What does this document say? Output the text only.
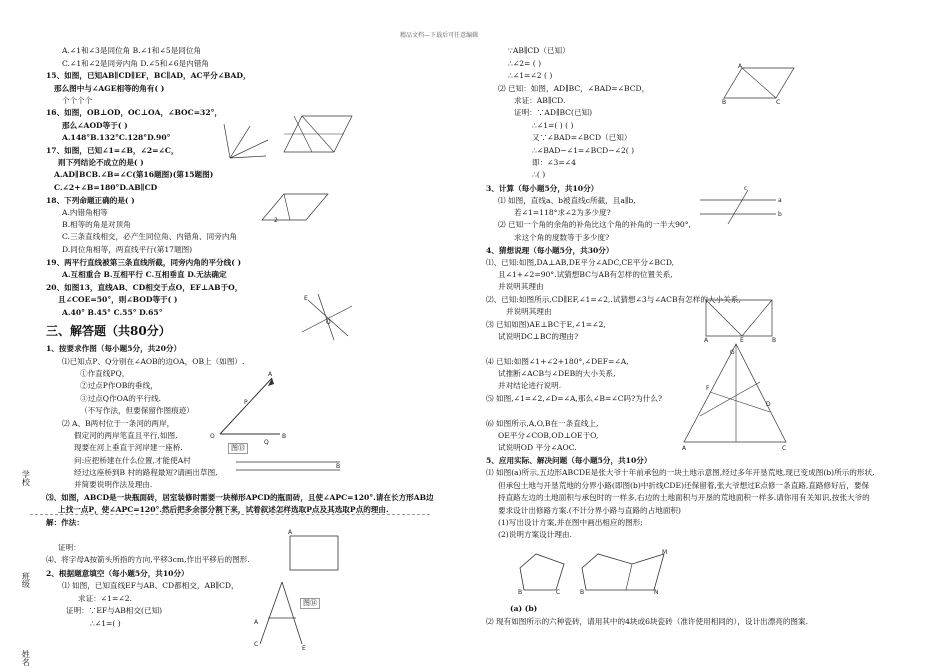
精品文档---下载后可任意编辑
学校
班级
姓名
A.∠1和∠3是同位角 B.∠1和∠5是同位角
C.∠1和∠2是同旁内角 D.∠5和∠6是内错角
15、如图，已知AB∥CD∥EF，BC∥AD，AC平分∠BAD，
那么图中与∠AGE相等的角有( )
个个个个
16、如图，OB⊥OD，OC⊥OA，∠BOC=32°，
那么∠AOD等于( )
A.148°B.132°C.128°D.90°
17、如图，已知∠1=∠B，∠2=∠C，
则下列结论不成立的是( )
A.AD∥BCB.∠B=∠C(第16题图)(第15题图)
C.∠2+∠B=180°D.AB∥CD
18、下列命题正确的是( )
A.内错角相等
B.相等的角是对顶角
C.三条直线相交，必产生同位角、内错角、同旁内角
D.同位角相等，两直线平行(第17题图)
19、两平行直线被第三条直线所截，同旁内角的平分线( )
A.互相重合 B.互相平行 C.互相垂直 D.无法确定
20、如图13，直线AB、CD相交于点O，EF⊥AB于O，
且∠COE=50°，则∠BOD等于( )
A.40° B.45° C.55° D.65°
三、解答题（共80分）
1、按要求作图（每小题5分，共20分）
⑴已知点P、Q分别在∠AOB的边OA，OB上（如图）.
①作直线PQ，
②过点P作OB的垂线，
③过点Q作OA的平行线.
（不写作法，但要保留作图痕迹）
⑵ A、B两村位于一条河的两岸，
假定河的两岸笔直且平行,如图,
现要在河上垂直于河岸建一座桥.
问:应把桥建在什么位置,才能使A村
经过这座桥到B 村的路程最短?请画出草图,
并简要说明作法及理由.
⑶、如图，ABCD是一块瓶面砖，居室装修时需要一块梯形APCD的瓶面砖，且使∠APC=120°.请在长方形AB边
上找一点P，使∠APC=120°.然后把多余部分割下来，试着叙述怎样选取P点及其选取P点的理由.
解：作法：
证明：
⑷、将字母A按箭头所指的方向,平移3cm,作出平移后的图形.
2、根据题意填空（每小题5分，共10分）
⑴ 如图，已知直线EF与AB、CD都相交，AB∥CD，
求证：∠1=∠2.
证明：∵EF与AB相交(已知)
∴∠1=( )
2
E
O
A
P
O
Q
B
图⑬
B
A
A
C
E
图⑭
∵AB∥CD（已知）
∴∠2= ( )
∴∠1=∠2 ( )
⑵ 已知：如图，AD∥BC，∠BAD=∠BCD，
求证：AB∥CD.
证明：∵AD∥BC(已知)
∴∠1=( ) ( )
又∵∠BAD=∠BCD（已知）
∴∠BAD−∠1=∠BCD−∠2( )
即：∠3=∠4
∴( )
3、计算（每小题5分，共10分）
⑴ 如图，直线a、b被直线c所截，且a∥b,
若∠1=118°求∠2为多少度?
⑵ 已知一个角的余角的补角比这个角的补角的一半大90°,
求这个角的度数等于多少度?
4、猜想说理（每小题5分，共30分）
⑴、已知:如图,DA⊥AB,DE平分∠ADC,CE平分∠BCD,
且∠1+∠2=90°.试猜想BC与AB有怎样的位置关系,
并说明其理由
⑵、已知:如图所示,CD∥EF,∠1=∠2,.试猜想∠3与∠ACB有怎样的大小关系,
并说明其理由
⑶ 已知如图)AE⊥BC于E,∠1=∠2,
试说明DC⊥BC的理由?
⑷ 已知:如图∠1+∠2+180°,∠DEF=∠A,
试推断∠ACB与∠DEB的大小关系,
并对结论进行说明.
⑸ 如图,∠1=∠2,∠D=∠A,那么∠B=∠C吗?为什么?
⑹ 如图所示,A,O,B在一条直线上,
OE平分∠COB,OD⊥OE于O,
试说明OD 平分∠AOC.
5、应用实际、解决问题（每小题5分，共10分）
⑴ 如图(a)所示,五边形ABCDE是张大爷十年前承包的一块土地示意图,经过多年开垦荒地,现已变成图(b)所示的形状,
但承包土地与开垦荒地的分界小路(即图(b)中折线CDE)还保留着,张大爷想过E点修一条直路,直路修好后，要保
持直路左边的土地面积与承包时的一样多,右边的土地面积与开垦的荒地面积一样多.请你用有关知识,按张大爷的
要求设计出修路方案.(不计分界小路与直路的占地面积)
(1)写出设计方案,并在图中画出相应的图形;
(2)说明方案设计理由.
(a) (b)
⑵ 现有如图所示的六种瓷砖，请用其中的4块或6块瓷砖（准许使用相同的），设计出漂亮的图案.
A
B	C
a
b
c
A	E	B
G
F
D
A	C
B	C	B
M
N
